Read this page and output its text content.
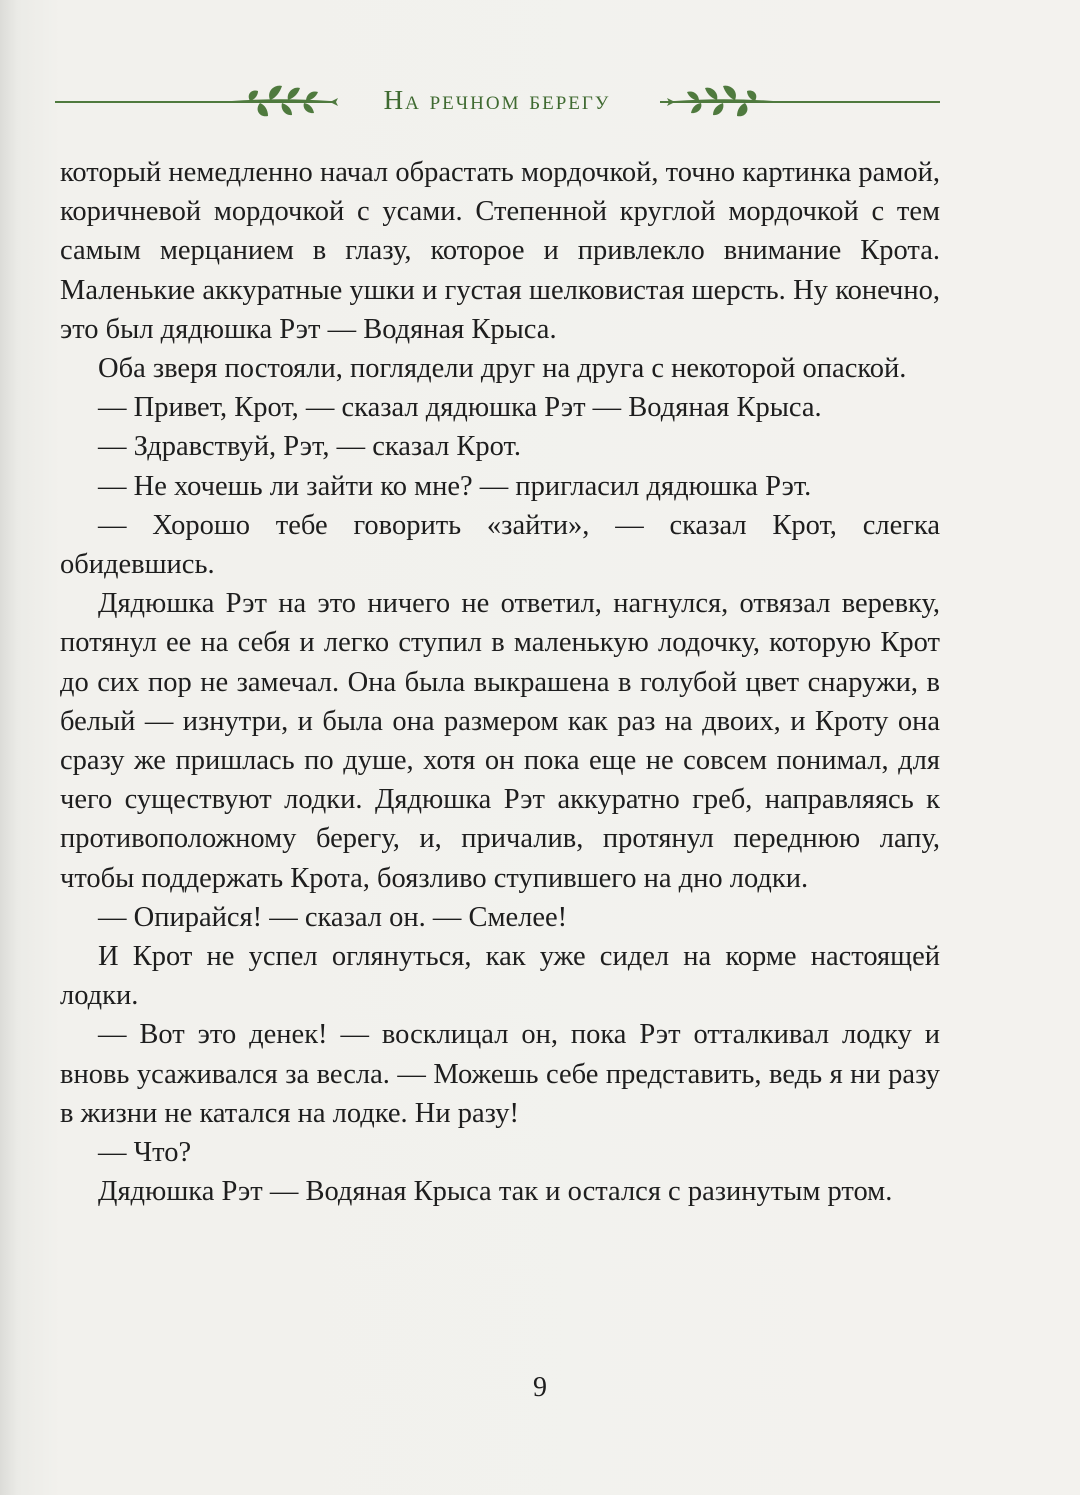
На речном берегу

который немедленно начал обрастать мордочкой, точно картинка рамой, коричневой мордочкой с усами. Степенной круглой мордочкой с тем самым мерцанием в глазу, которое и привлекло внимание Крота. Маленькие аккуратные ушки и густая шелковистая шерсть. Ну конечно, это был дядюшка Рэт — Водяная Крыса.

Оба зверя постояли, поглядели друг на друга с некоторой опаской.

— Привет, Крот, — сказал дядюшка Рэт — Водяная Крыса.

— Здравствуй, Рэт, — сказал Крот.

— Не хочешь ли зайти ко мне? — пригласил дядюшка Рэт.

— Хорошо тебе говорить «зайти», — сказал Крот, слегка обидевшись.

Дядюшка Рэт на это ничего не ответил, нагнулся, отвязал веревку, потянул ее на себя и легко ступил в маленькую лодочку, которую Крот до сих пор не замечал. Она была выкрашена в голубой цвет снаружи, в белый — изнутри, и была она размером как раз на двоих, и Кроту она сразу же пришлась по душе, хотя он пока еще не совсем понимал, для чего существуют лодки. Дядюшка Рэт аккуратно греб, направляясь к противоположному берегу, и, причалив, протянул переднюю лапу, чтобы поддержать Крота, боязливо ступившего на дно лодки.

— Опирайся! — сказал он. — Смелее!

И Крот не успел оглянуться, как уже сидел на корме настоящей лодки.

— Вот это денек! — восклицал он, пока Рэт отталкивал лодку и вновь усаживался за весла. — Можешь себе представить, ведь я ни разу в жизни не катался на лодке. Ни разу!

— Что?

Дядюшка Рэт — Водяная Крыса так и остался с разинутым ртом.

9
